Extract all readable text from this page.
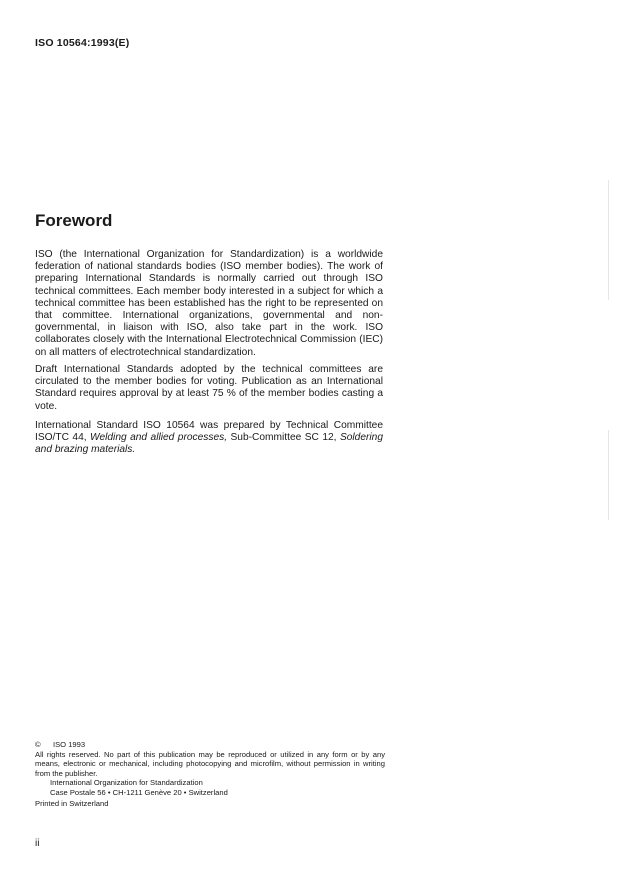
ISO 10564:1993(E)
Foreword

ISO (the International Organization for Standardization) is a worldwide federation of national standards bodies (ISO member bodies). The work of preparing International Standards is normally carried out through ISO technical committees. Each member body interested in a subject for which a technical committee has been established has the right to be represented on that committee. International organizations, governmental and non-governmental, in liaison with ISO, also take part in the work. ISO collaborates closely with the International Electrotechnical Commission (IEC) on all matters of electrotechnical standardization.

Draft International Standards adopted by the technical committees are circulated to the member bodies for voting. Publication as an International Standard requires approval by at least 75 % of the member bodies casting a vote.

International Standard ISO 10564 was prepared by Technical Committee ISO/TC 44, Welding and allied processes, Sub-Committee SC 12, Soldering and brazing materials.

© ISO 1993
All rights reserved. No part of this publication may be reproduced or utilized in any form or by any means, electronic or mechanical, including photocopying and microfilm, without permission in writing from the publisher.
International Organization for Standardization
Case Postale 56 • CH-1211 Genève 20 • Switzerland
Printed in Switzerland
ii
